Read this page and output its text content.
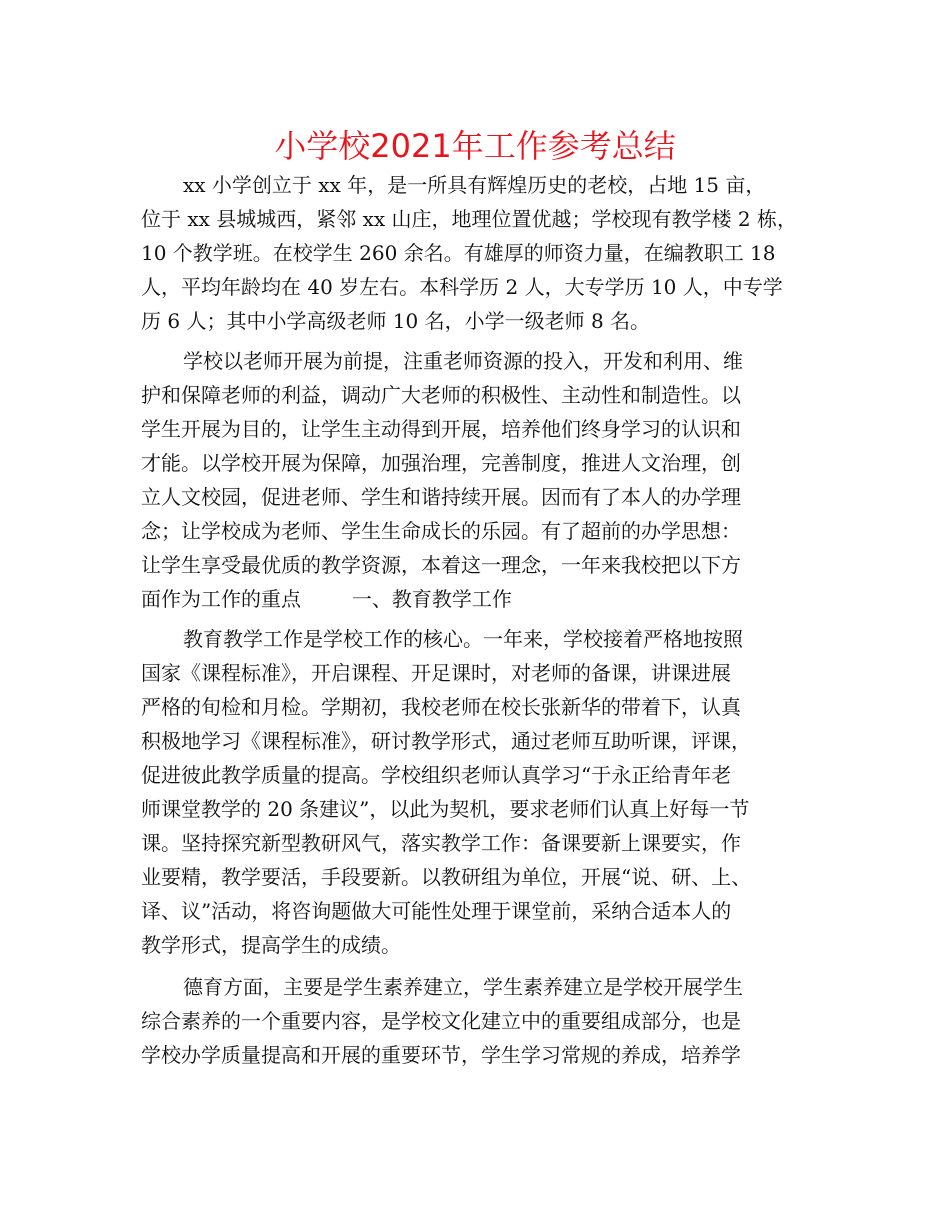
小学校2021年工作参考总结

xx 小学创立于 xx 年，是一所具有辉煌历史的老校，占地 15 亩，

位于 xx 县城城西，紧邻 xx 山庄，地理位置优越；学校现有教学楼 2 栋，

10 个教学班。在校学生 260 余名。有雄厚的师资力量，在编教职工 18

人，平均年龄均在 40 岁左右。本科学历 2 人，大专学历 10 人，中专学

历 6 人；其中小学高级老师 10 名，小学一级老师 8 名。

学校以老师开展为前提，注重老师资源的投入，开发和利用、维

护和保障老师的利益，调动广大老师的积极性、主动性和制造性。以

学生开展为目的，让学生主动得到开展，培养他们终身学习的认识和

才能。以学校开展为保障，加强治理，完善制度，推进人文治理，创

立人文校园，促进老师、学生和谐持续开展。因而有了本人的办学理

念；让学校成为老师、学生生命成长的乐园。有了超前的办学思想：

让学生享受最优质的教学资源，本着这一理念，一年来我校把以下方

面作为工作的重点        一、教育教学工作

教育教学工作是学校工作的核心。一年来，学校接着严格地按照

国家《课程标准》，开启课程、开足课时，对老师的备课，讲课进展

严格的旬检和月检。学期初，我校老师在校长张新华的带着下，认真

积极地学习《课程标准》，研讨教学形式，通过老师互助听课，评课，

促进彼此教学质量的提高。学校组织老师认真学习“于永正给青年老

师课堂教学的 20 条建议”，以此为契机，要求老师们认真上好每一节

课。坚持探究新型教研风气，落实教学工作：备课要新上课要实，作

业要精，教学要活，手段要新。以教研组为单位，开展“说、研、上、

译、议”活动，将咨询题做大可能性处理于课堂前，采纳合适本人的

教学形式，提高学生的成绩。

德育方面，主要是学生素养建立，学生素养建立是学校开展学生

综合素养的一个重要内容，是学校文化建立中的重要组成部分，也是

学校办学质量提高和开展的重要环节，学生学习常规的养成，培养学
